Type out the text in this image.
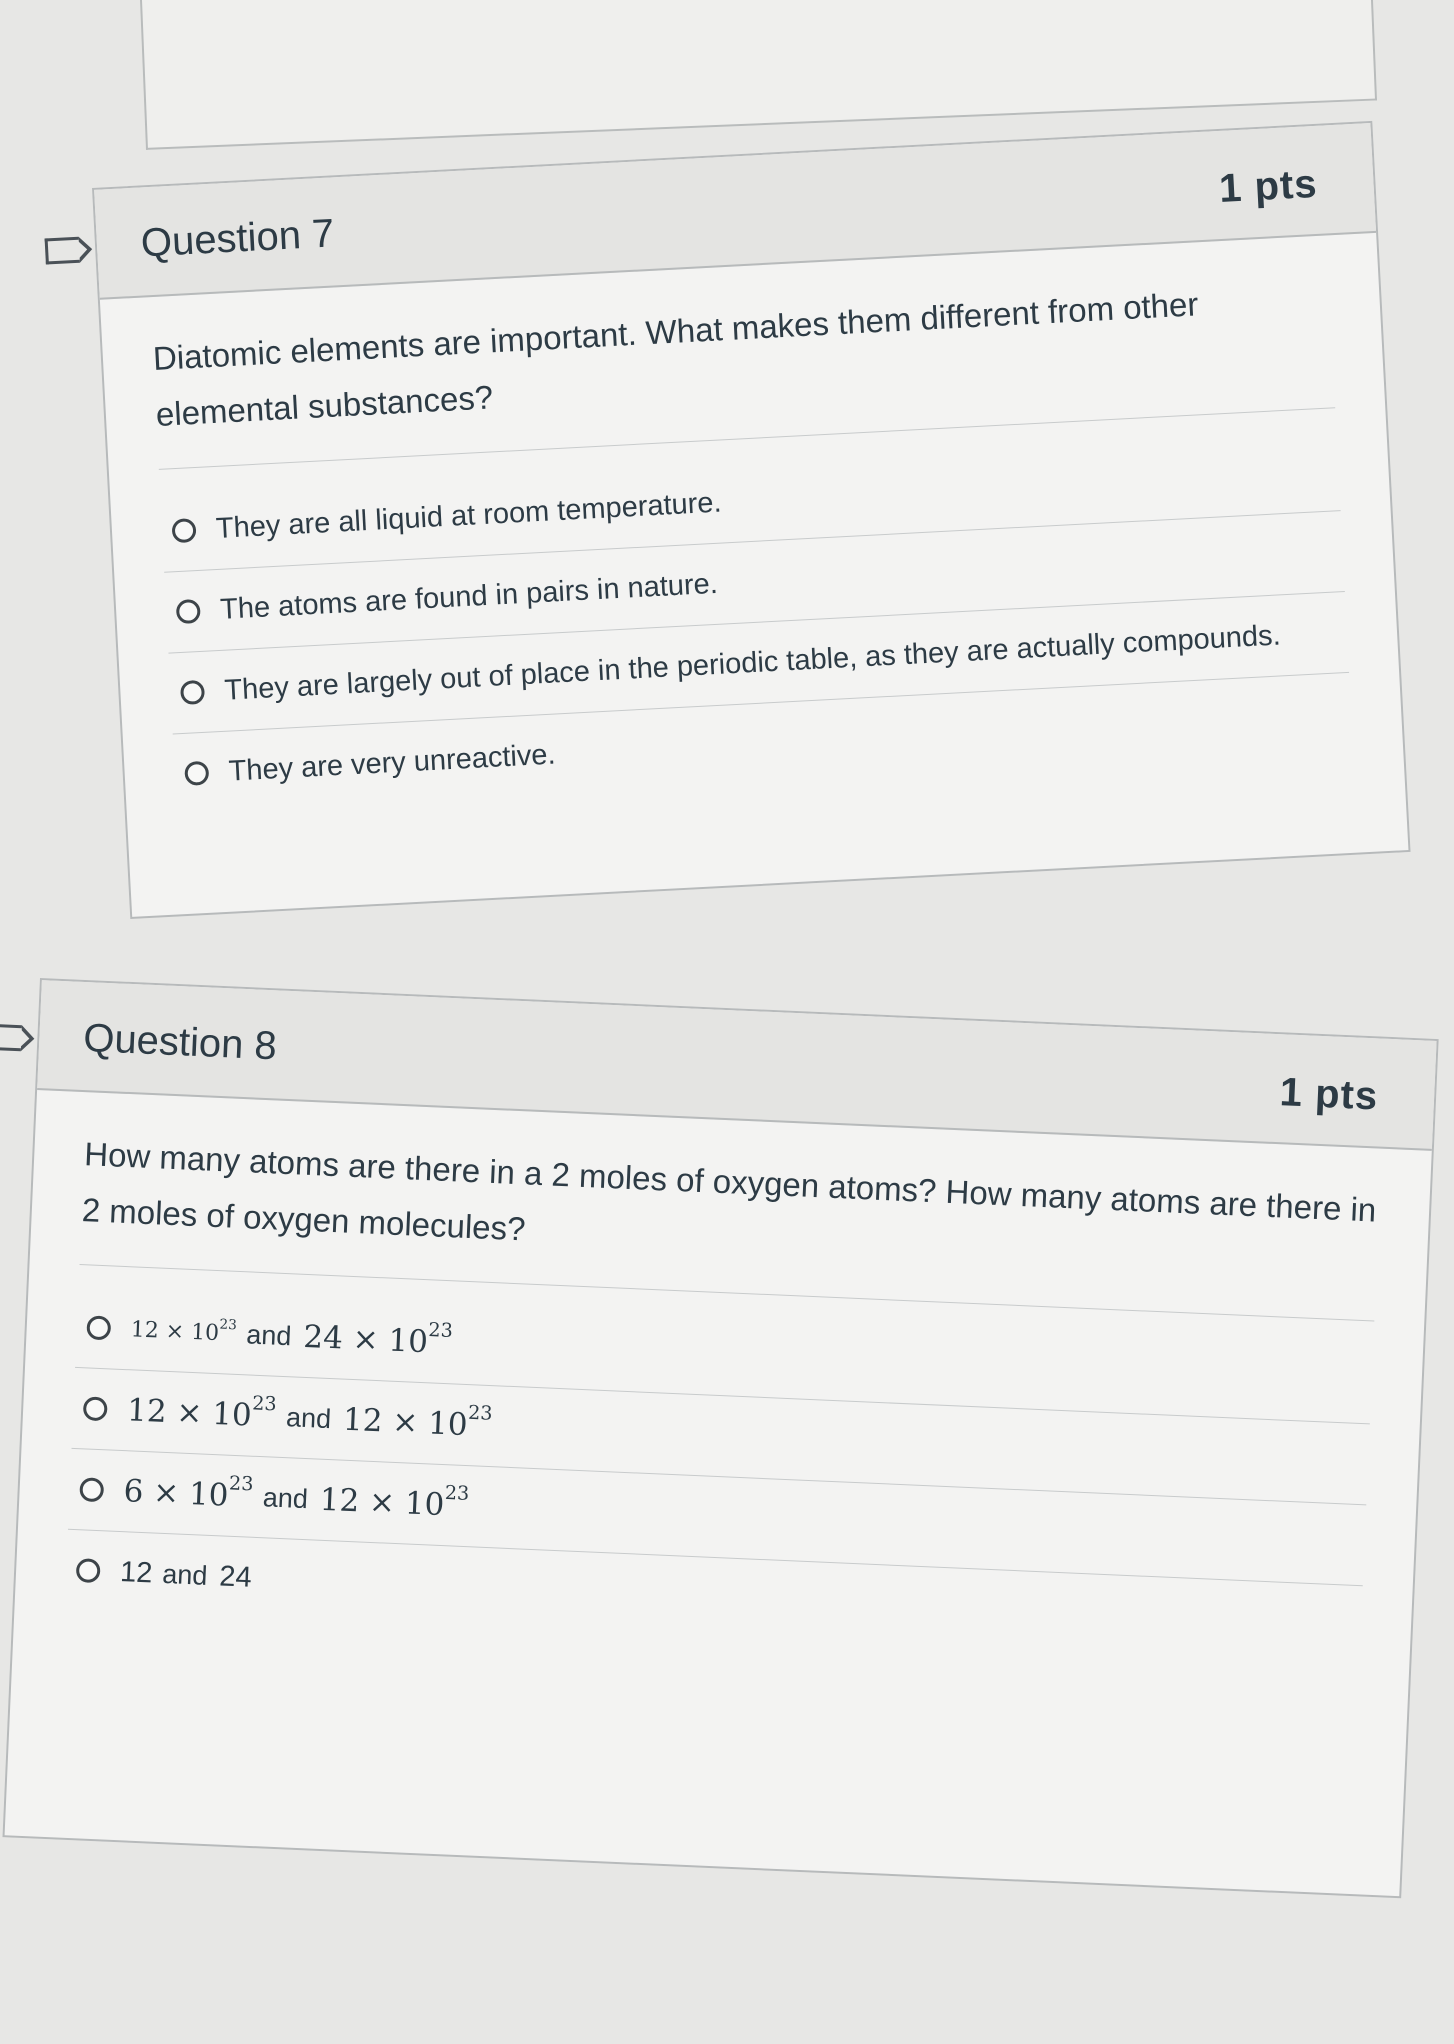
Question 7
1 pts

Diatomic elements are important. What makes them different from other elemental substances?

They are all liquid at room temperature.
The atoms are found in pairs in nature.
They are largely out of place in the periodic table, as they are actually compounds.
They are very unreactive.
Question 8
1 pts

How many atoms are there in a 2 moles of oxygen atoms? How many atoms are there in 2 moles of oxygen molecules?

$12 \times 10^{23}$ and $24 \times 10^{23}$
$12 \times 10^{23}$ and $12 \times 10^{23}$
$6 \times 10^{23}$ and $12 \times 10^{23}$
12 and 24
